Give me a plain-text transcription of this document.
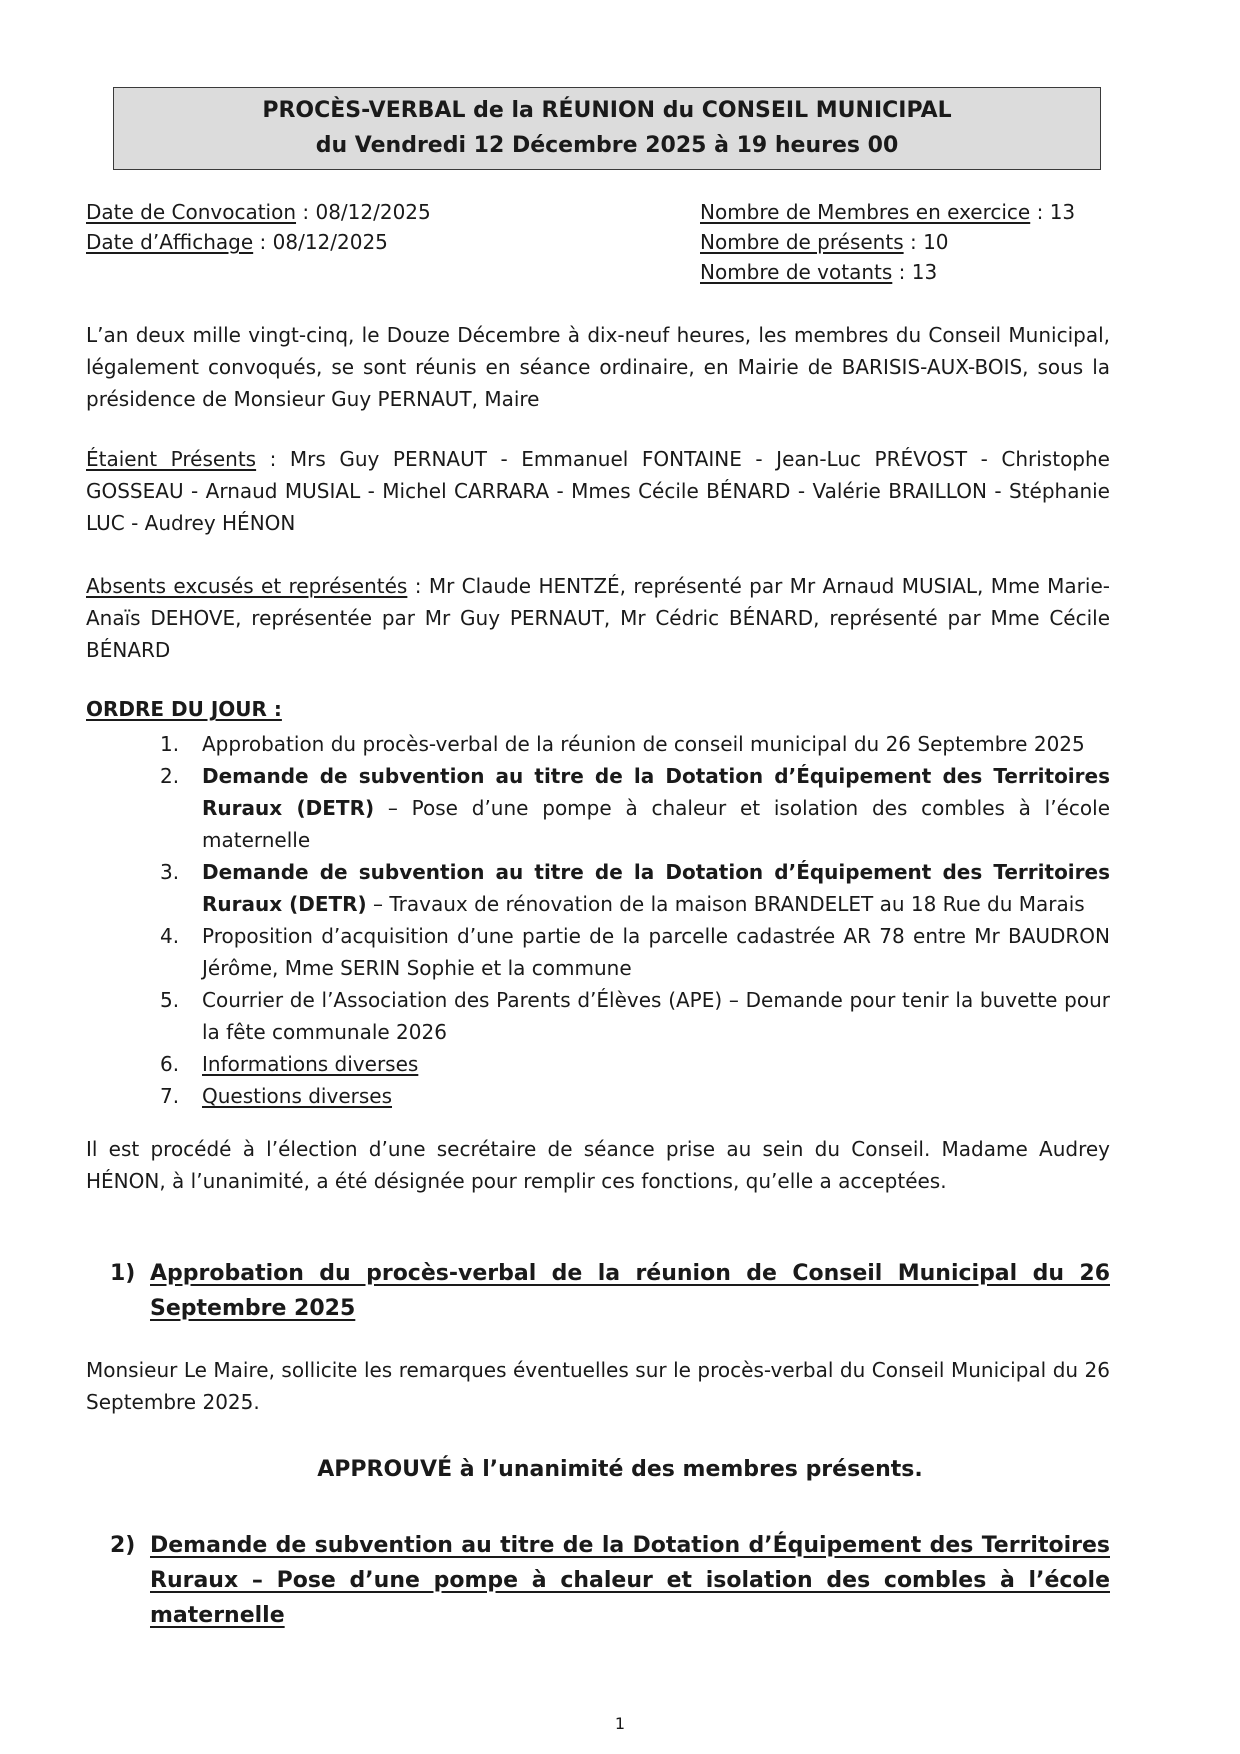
PROCÈS-VERBAL de la RÉUNION du CONSEIL MUNICIPAL
du Vendredi 12 Décembre 2025 à 19 heures 00
Date de Convocation : 08/12/2025
Date d’Affichage : 08/12/2025
Nombre de Membres en exercice : 13
Nombre de présents : 10
Nombre de votants : 13
L’an deux mille vingt-cinq, le Douze Décembre à dix-neuf heures, les membres du Conseil Municipal, légalement convoqués, se sont réunis en séance ordinaire, en Mairie de BARISIS-AUX-BOIS, sous la présidence de Monsieur Guy PERNAUT, Maire
Étaient Présents : Mrs Guy PERNAUT - Emmanuel FONTAINE - Jean-Luc PRÉVOST - Christophe GOSSEAU - Arnaud MUSIAL - Michel CARRARA - Mmes Cécile BÉNARD - Valérie BRAILLON - Stéphanie LUC - Audrey HÉNON
Absents excusés et représentés : Mr Claude HENTZÉ, représenté par Mr Arnaud MUSIAL, Mme Marie-Anaïs DEHOVE, représentée par Mr Guy PERNAUT, Mr Cédric BÉNARD, représenté par Mme Cécile BÉNARD
ORDRE DU JOUR :
1.	Approbation du procès-verbal de la réunion de conseil municipal du 26 Septembre 2025
2.	Demande de subvention au titre de la Dotation d’Équipement des Territoires Ruraux (DETR) – Pose d’une pompe à chaleur et isolation des combles à l’école maternelle
3.	Demande de subvention au titre de la Dotation d’Équipement des Territoires Ruraux (DETR) – Travaux de rénovation de la maison BRANDELET au 18 Rue du Marais
4.	Proposition d’acquisition d’une partie de la parcelle cadastrée AR 78 entre Mr BAUDRON Jérôme, Mme SERIN Sophie et la commune
5.	Courrier de l’Association des Parents d’Élèves (APE) – Demande pour tenir la buvette pour la fête communale 2026
6.	Informations diverses
7.	Questions diverses
Il est procédé à l’élection d’une secrétaire de séance prise au sein du Conseil. Madame Audrey HÉNON, à l’unanimité, a été désignée pour remplir ces fonctions, qu’elle a acceptées.
1) Approbation du procès-verbal de la réunion de Conseil Municipal du 26 Septembre 2025
Monsieur Le Maire, sollicite les remarques éventuelles sur le procès-verbal du Conseil Municipal du 26 Septembre 2025.
APPROUVÉ à l’unanimité des membres présents.
2) Demande de subvention au titre de la Dotation d’Équipement des Territoires Ruraux – Pose d’une pompe à chaleur et isolation des combles à l’école maternelle
1
